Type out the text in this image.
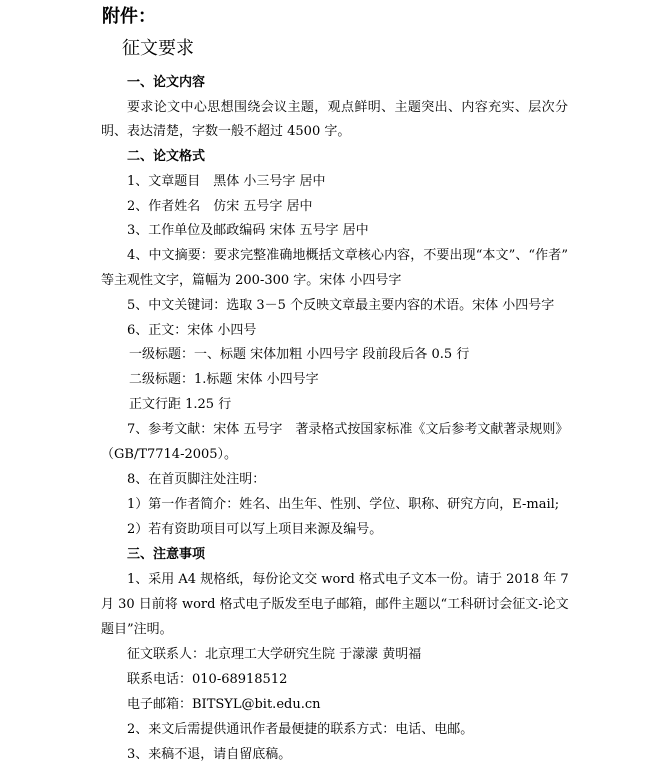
附件：
征文要求
一、论文内容
要求论文中心思想围绕会议主题，观点鲜明、主题突出、内容充实、层次分
明、表达清楚，字数一般不超过 4500 字。
二、论文格式
1、文章题目　黑体 小三号字 居中
2、作者姓名　仿宋 五号字 居中
3、工作单位及邮政编码 宋体 五号字 居中
4、中文摘要：要求完整准确地概括文章核心内容，不要出现“本文”、“作者”
等主观性文字，篇幅为 200-300 字。宋体 小四号字
5、中文关键词：选取 3－5 个反映文章最主要内容的术语。宋体 小四号字
6、正文：宋体 小四号
一级标题：一、标题 宋体加粗 小四号字 段前段后各 0.5 行
二级标题：1.标题 宋体 小四号字
正文行距 1.25 行
7、参考文献：宋体 五号字　著录格式按国家标准《文后参考文献著录规则》
（GB/T7714-2005）。
8、在首页脚注处注明：
1）第一作者简介：姓名、出生年、性别、学位、职称、研究方向，E-mail;
2）若有资助项目可以写上项目来源及编号。
三、注意事项
1、采用 A4 规格纸，每份论文交 word 格式电子文本一份。请于 2018 年 7
月 30 日前将 word 格式电子版发至电子邮箱，邮件主题以“工科研讨会征文-论文
题目”注明。
征文联系人：北京理工大学研究生院 于濛濛 黄明福
联系电话：010-68918512
电子邮箱：BITSYL@bit.edu.cn
2、来文后需提供通讯作者最便捷的联系方式：电话、电邮。
3、来稿不退，请自留底稿。
